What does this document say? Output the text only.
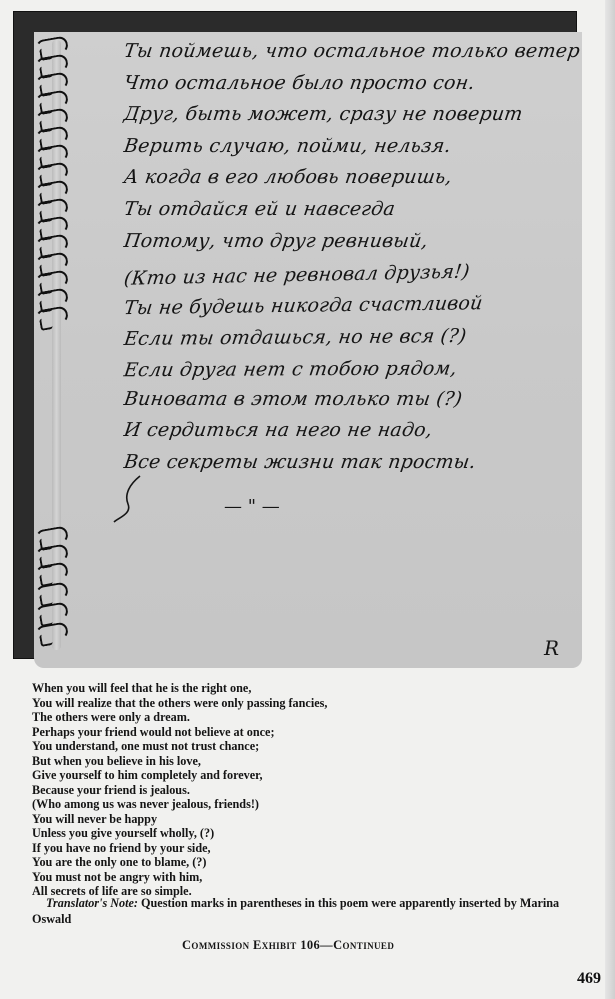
Ты поймешь, что остальное только ветер
Что остальное было просто сон.
Друг, быть может, сразу не поверит
Верить случаю, пойми, нельзя.
А когда в его любовь поверишь,
Ты отдайся ей и навсегда
Потому, что друг ревнивый,
(Кто из нас не ревновал друзья!)
Ты не будешь никогда счастливой
Если ты отдашься, но не вся (?)
Если друга нет с тобою рядом,
Виновата в этом только ты (?)
И сердиться на него не надо,
Все секреты жизни так просты.
— " —
R

When you will feel that he is the right one,

You will realize that the others were only passing fancies,

The others were only a dream.

Perhaps your friend would not believe at once;

You understand, one must not trust chance;

But when you believe in his love,

Give yourself to him completely and forever,

Because your friend is jealous.

(Who among us was never jealous, friends!)

You will never be happy

Unless you give yourself wholly, (?)

If you have no friend by your side,

You are the only one to blame, (?)

You must not be angry with him,

All secrets of life are so simple.

Translator's Note: Question marks in parentheses in this poem were apparently inserted by Marina Oswald
Commission Exhibit 106—Continued
469
